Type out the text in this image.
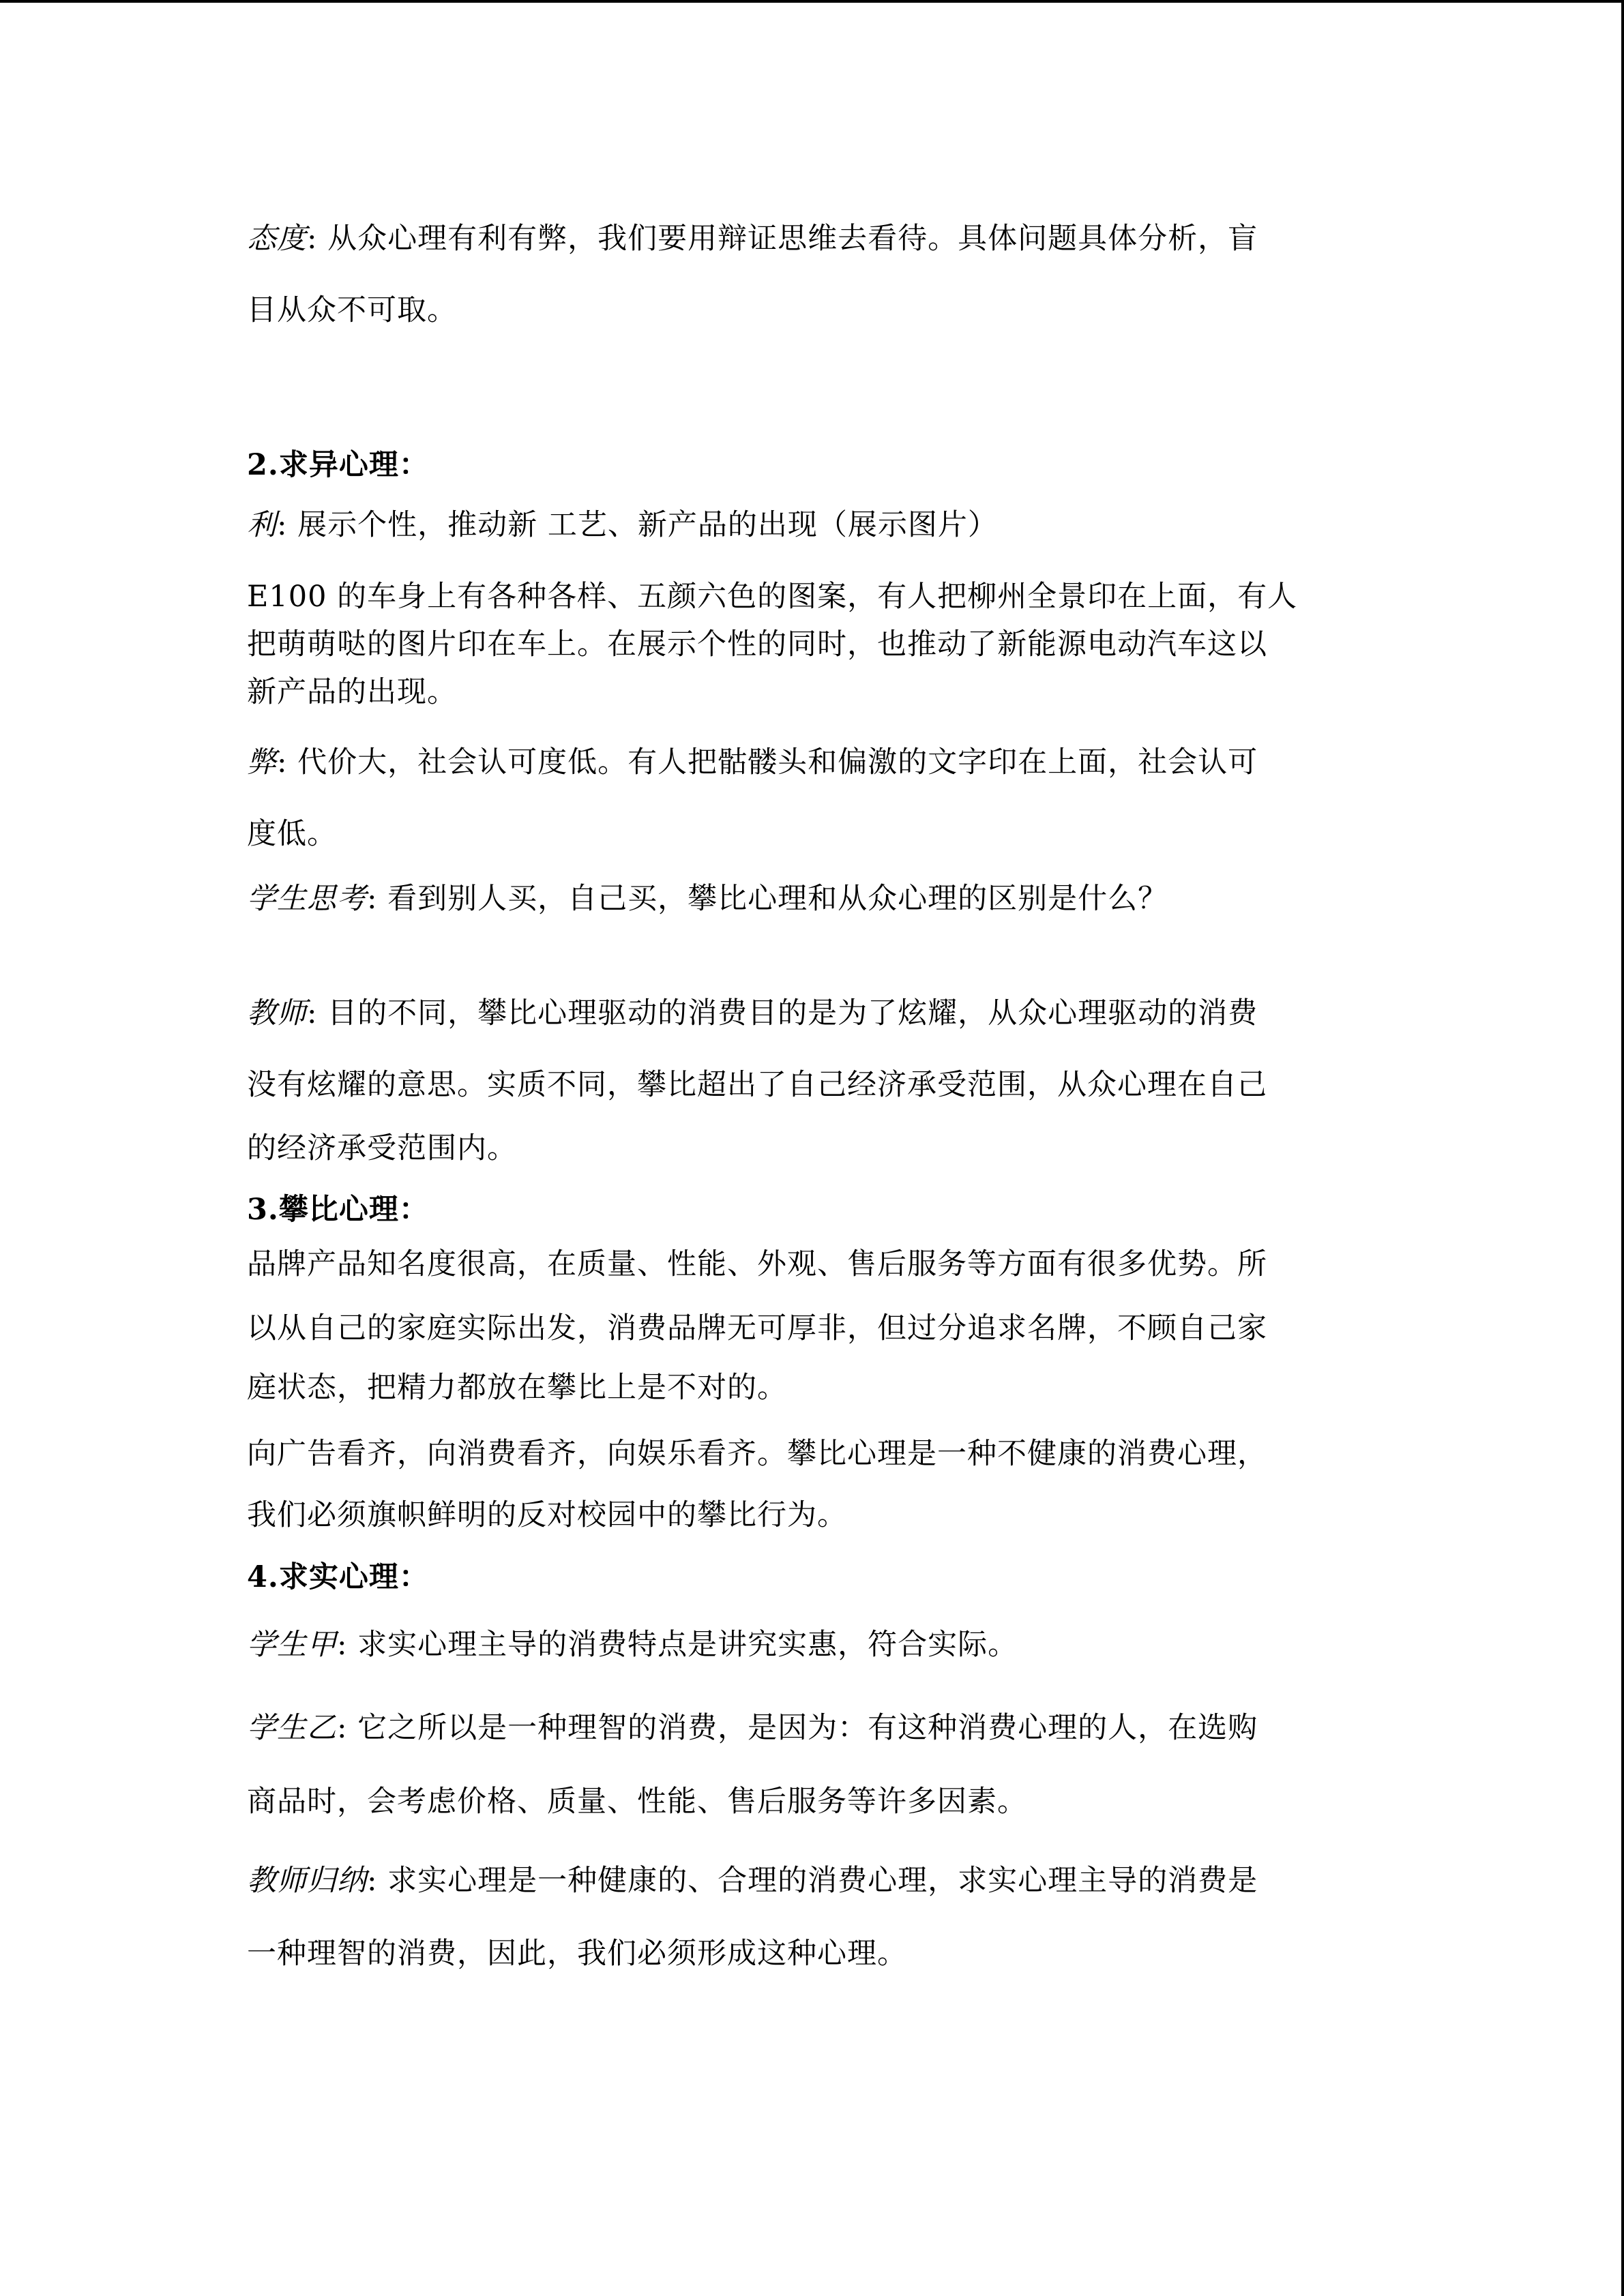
态度: 从众心理有利有弊，我们要用辩证思维去看待。具体问题具体分析，盲
目从众不可取。
2.求异心理：
利: 展示个性，推动新 工艺、新产品的出现（展示图片）
E100 的车身上有各种各样、五颜六色的图案，有人把柳州全景印在上面，有人
把萌萌哒的图片印在车上。在展示个性的同时，也推动了新能源电动汽车这以
新产品的出现。
弊: 代价大，社会认可度低。有人把骷髅头和偏激的文字印在上面，社会认可
度低。
学生思考: 看到别人买，自己买，攀比心理和从众心理的区别是什么？
教师: 目的不同，攀比心理驱动的消费目的是为了炫耀，从众心理驱动的消费
没有炫耀的意思。实质不同，攀比超出了自己经济承受范围，从众心理在自己
的经济承受范围内。
3.攀比心理：
品牌产品知名度很高，在质量、性能、外观、售后服务等方面有很多优势。所
以从自己的家庭实际出发，消费品牌无可厚非，但过分追求名牌，不顾自己家
庭状态，把精力都放在攀比上是不对的。
向广告看齐，向消费看齐，向娱乐看齐。攀比心理是一种不健康的消费心理，
我们必须旗帜鲜明的反对校园中的攀比行为。
4.求实心理：
学生甲: 求实心理主导的消费特点是讲究实惠，符合实际。
学生乙: 它之所以是一种理智的消费，是因为：有这种消费心理的人，在选购
商品时，会考虑价格、质量、性能、售后服务等许多因素。
教师归纳: 求实心理是一种健康的、合理的消费心理，求实心理主导的消费是
一种理智的消费，因此，我们必须形成这种心理。
